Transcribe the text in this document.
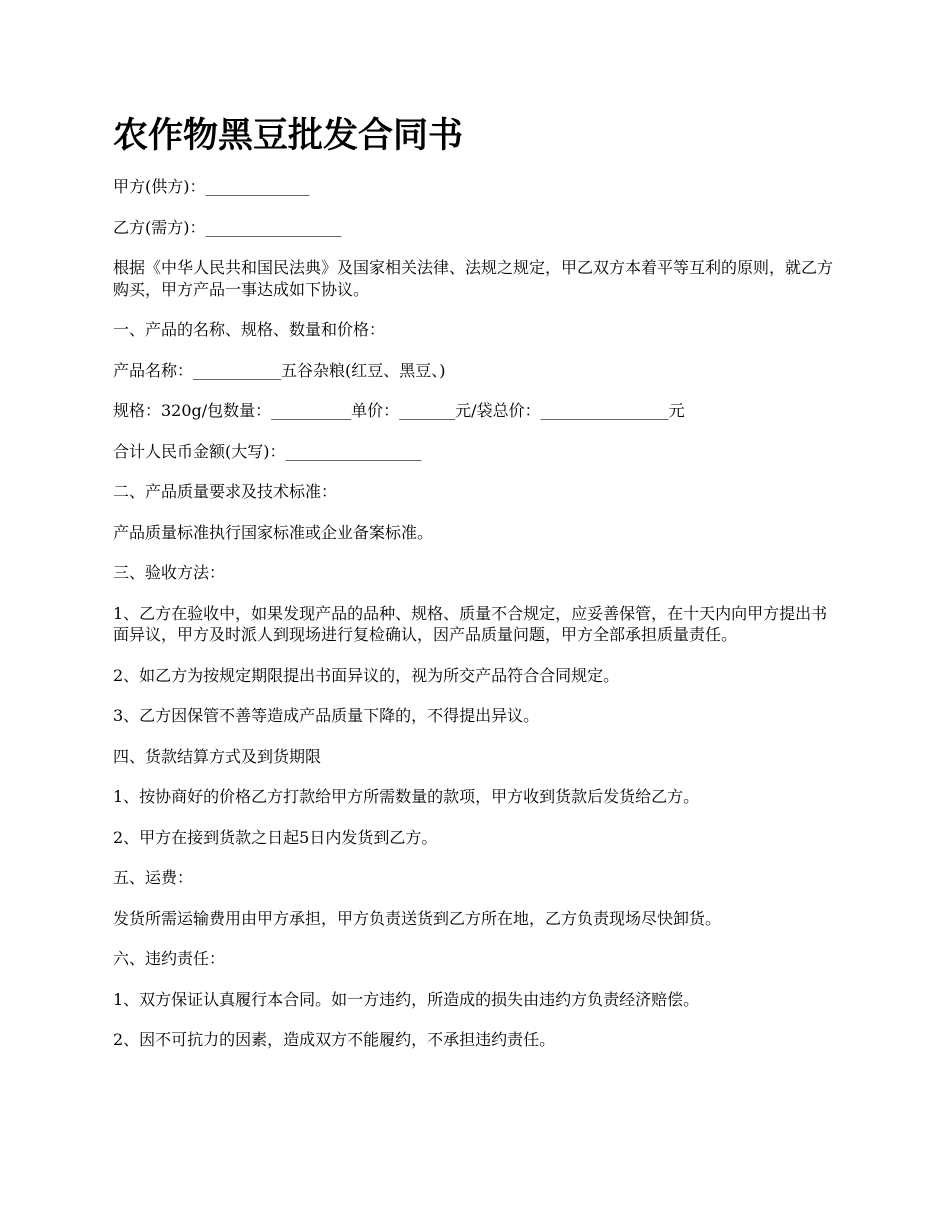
农作物黑豆批发合同书

甲方(供方)：_____________

乙方(需方)：_________________

根据《中华人民共和国民法典》及国家相关法律、法规之规定，甲乙双方本着平等互利的原则，就乙方购买，甲方产品一事达成如下协议。

一、产品的名称、规格、数量和价格：

产品名称：___________五谷杂粮(红豆、黑豆、)

规格：320g/包数量：__________单价：_______元/袋总价：________________元

合计人民币金额(大写)：_________________

二、产品质量要求及技术标准：

产品质量标准执行国家标准或企业备案标准。

三、验收方法：

1、乙方在验收中，如果发现产品的品种、规格、质量不合规定，应妥善保管，在十天内向甲方提出书面异议，甲方及时派人到现场进行复检确认，因产品质量问题，甲方全部承担质量责任。

2、如乙方为按规定期限提出书面异议的，视为所交产品符合合同规定。

3、乙方因保管不善等造成产品质量下降的，不得提出异议。

四、货款结算方式及到货期限

1、按协商好的价格乙方打款给甲方所需数量的款项，甲方收到货款后发货给乙方。

2、甲方在接到货款之日起5日内发货到乙方。

五、运费：

发货所需运输费用由甲方承担，甲方负责送货到乙方所在地，乙方负责现场尽快卸货。

六、违约责任：

1、双方保证认真履行本合同。如一方违约，所造成的损失由违约方负责经济赔偿。

2、因不可抗力的因素，造成双方不能履约，不承担违约责任。
